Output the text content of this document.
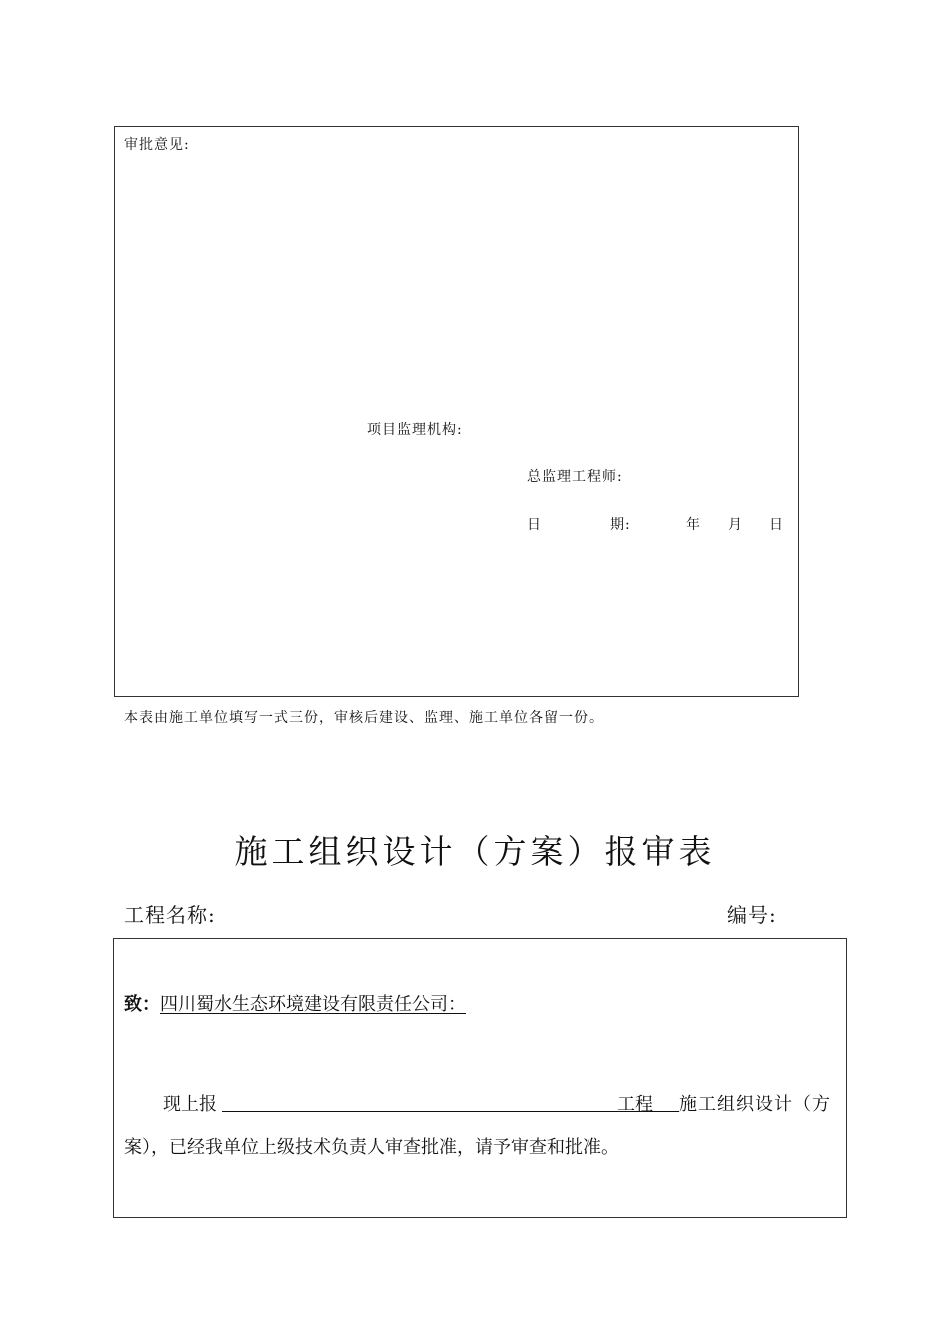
审批意见:
项目监理机构:
总监理工程师:
日	期:	年 月 日
本表由施工单位填写一式三份，审核后建设、监理、施工单位各留一份。
施工组织设计（方案）报审表
工程名称:	编号:
致：四川蜀水生态环境建设有限责任公司：
现上报	工程 施工组织设计（方
案），已经我单位上级技术负责人审查批准，请予审查和批准。
